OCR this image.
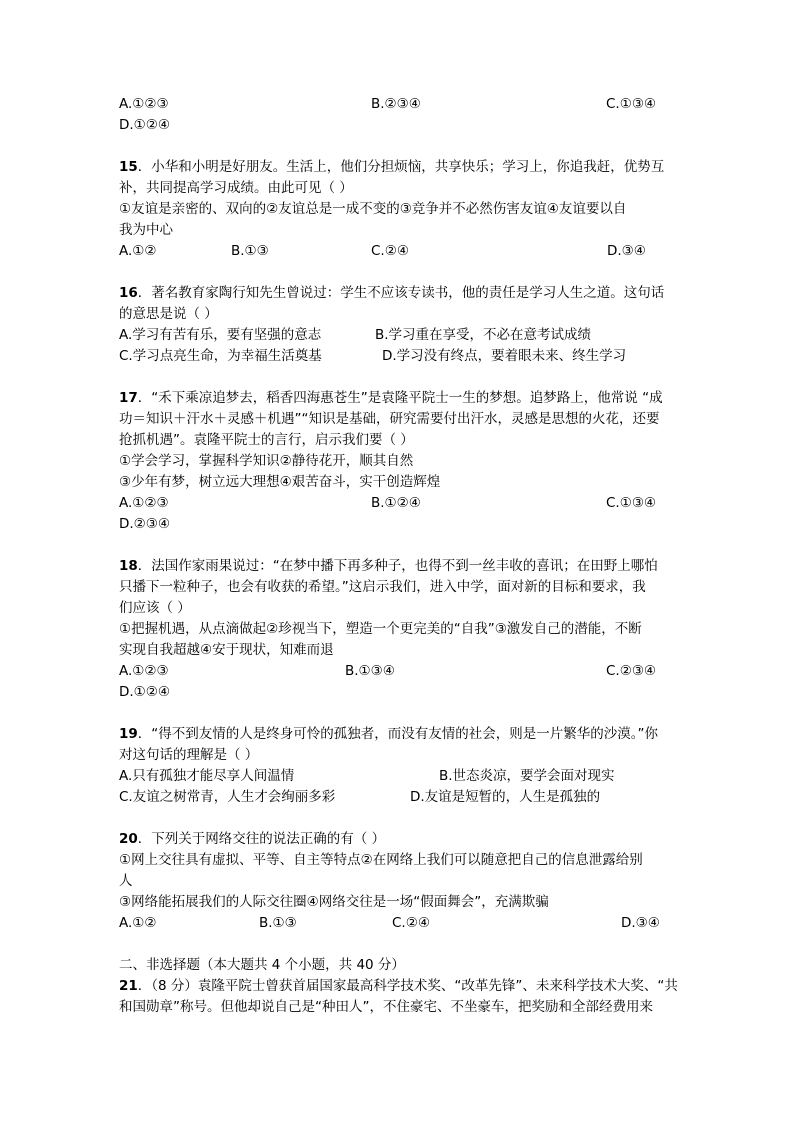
A.①②③	B.②③④	C.①③④
D.①②④
15．小华和小明是好朋友。生活上，他们分担烦恼，共享快乐；学习上，你追我赶，优势互
补，共同提高学习成绩。由此可见（ ）
①友谊是亲密的、双向的②友谊总是一成不变的③竞争并不必然伤害友谊④友谊要以自
我为中心
A.①②	B.①③	C.②④	D.③④
16．著名教育家陶行知先生曾说过：学生不应该专读书，他的责任是学习人生之道。这句话
的意思是说（ ）
A.学习有苦有乐，要有坚强的意志	B.学习重在享受，不必在意考试成绩
C.学习点亮生命，为幸福生活奠基	D.学习没有终点，要着眼未来、终生学习
17．“禾下乘凉追梦去，稻香四海惠苍生”是袁隆平院士一生的梦想。追梦路上，他常说 “成
功＝知识＋汗水＋灵感＋机遇”“知识是基础，研究需要付出汗水，灵感是思想的火花，还要
抢抓机遇”。袁隆平院士的言行，启示我们要（ ）
①学会学习，掌握科学知识②静待花开，顺其自然
③少年有梦，树立远大理想④艰苦奋斗，实干创造辉煌
A.①②③	B.①②④	C.①③④
D.②③④
18．法国作家雨果说过：“在梦中播下再多种子，也得不到一丝丰收的喜讯；在田野上哪怕
只播下一粒种子，也会有收获的希望。”这启示我们，进入中学，面对新的目标和要求，我
们应该（ ）
①把握机遇，从点滴做起②珍视当下，塑造一个更完美的“自我”③激发自己的潜能，不断
实现自我超越④安于现状，知难而退
A.①②③	B.①③④	C.②③④
D.①②④
19．“得不到友情的人是终身可怜的孤独者，而没有友情的社会，则是一片繁华的沙漠。”你
对这句话的理解是（ ）
A.只有孤独才能尽享人间温情	B.世态炎凉，要学会面对现实
C.友谊之树常青，人生才会绚丽多彩	D.友谊是短暂的，人生是孤独的
20．下列关于网络交往的说法正确的有（ ）
①网上交往具有虚拟、平等、自主等特点②在网络上我们可以随意把自己的信息泄露给别
人
③网络能拓展我们的人际交往圈④网络交往是一场“假面舞会”，充满欺骗
A.①②	B.①③	C.②④	D.③④
二、非选择题（本大题共 4 个小题，共 40 分）
21．（8 分）袁隆平院士曾获首届国家最高科学技术奖、“改革先锋”、未来科学技术大奖、“共
和国勋章”称号。但他却说自己是“种田人”，不住豪宅、不坐豪车，把奖励和全部经费用来
